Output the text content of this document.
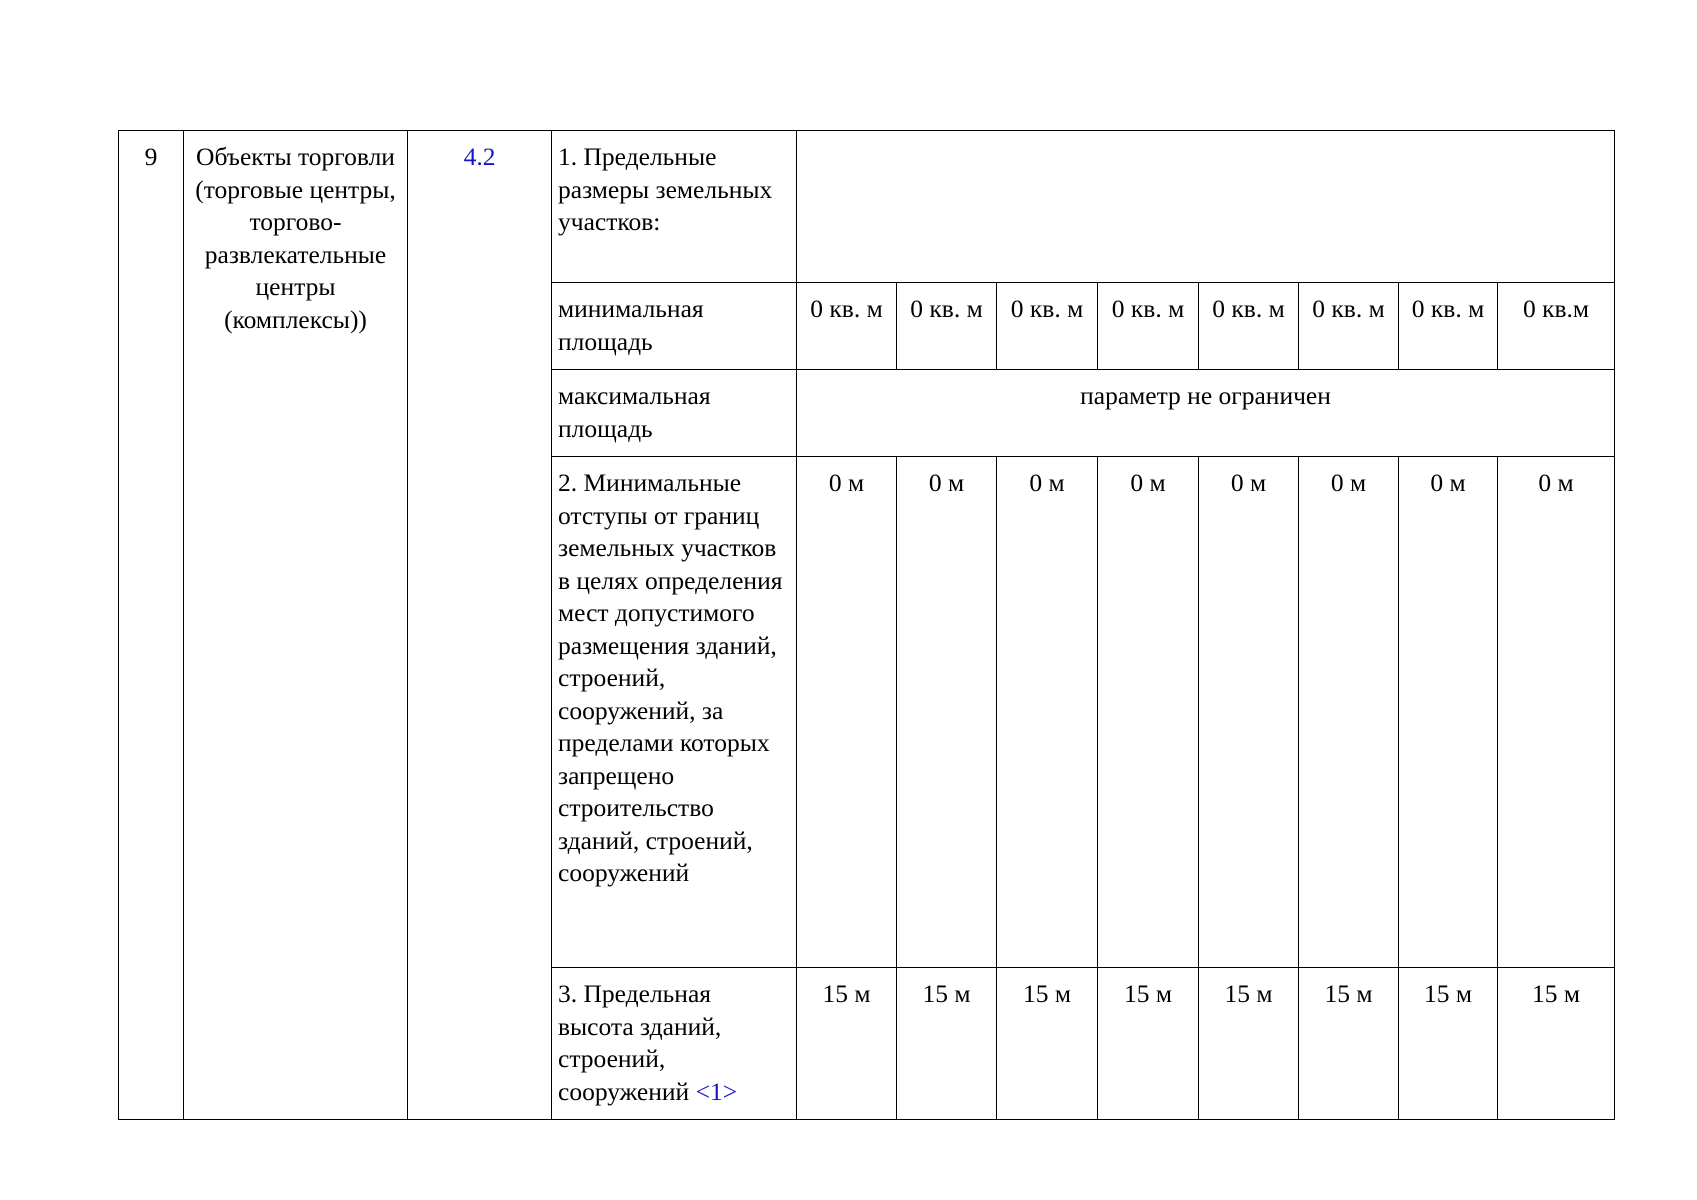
9	Объекты торговли (торговые центры, торгово-развлекательные центры (комплексы))	4.2	1. Предельные размеры земельных участков:								
			минимальная площадь	0 кв. м	0 кв. м	0 кв. м	0 кв. м	0 кв. м	0 кв. м	0 кв. м	0 кв.м
			максимальная площадь	параметр не ограничен							
			2. Минимальные отступы от границ земельных участков в целях определения мест допустимого размещения зданий, строений, сооружений, за пределами которых запрещено строительство зданий, строений, сооружений	0 м	0 м	0 м	0 м	0 м	0 м	0 м	0 м
			3. Предельная высота зданий, строений, сооружений <1>	15 м	15 м	15 м	15 м	15 м	15 м	15 м	15 м
